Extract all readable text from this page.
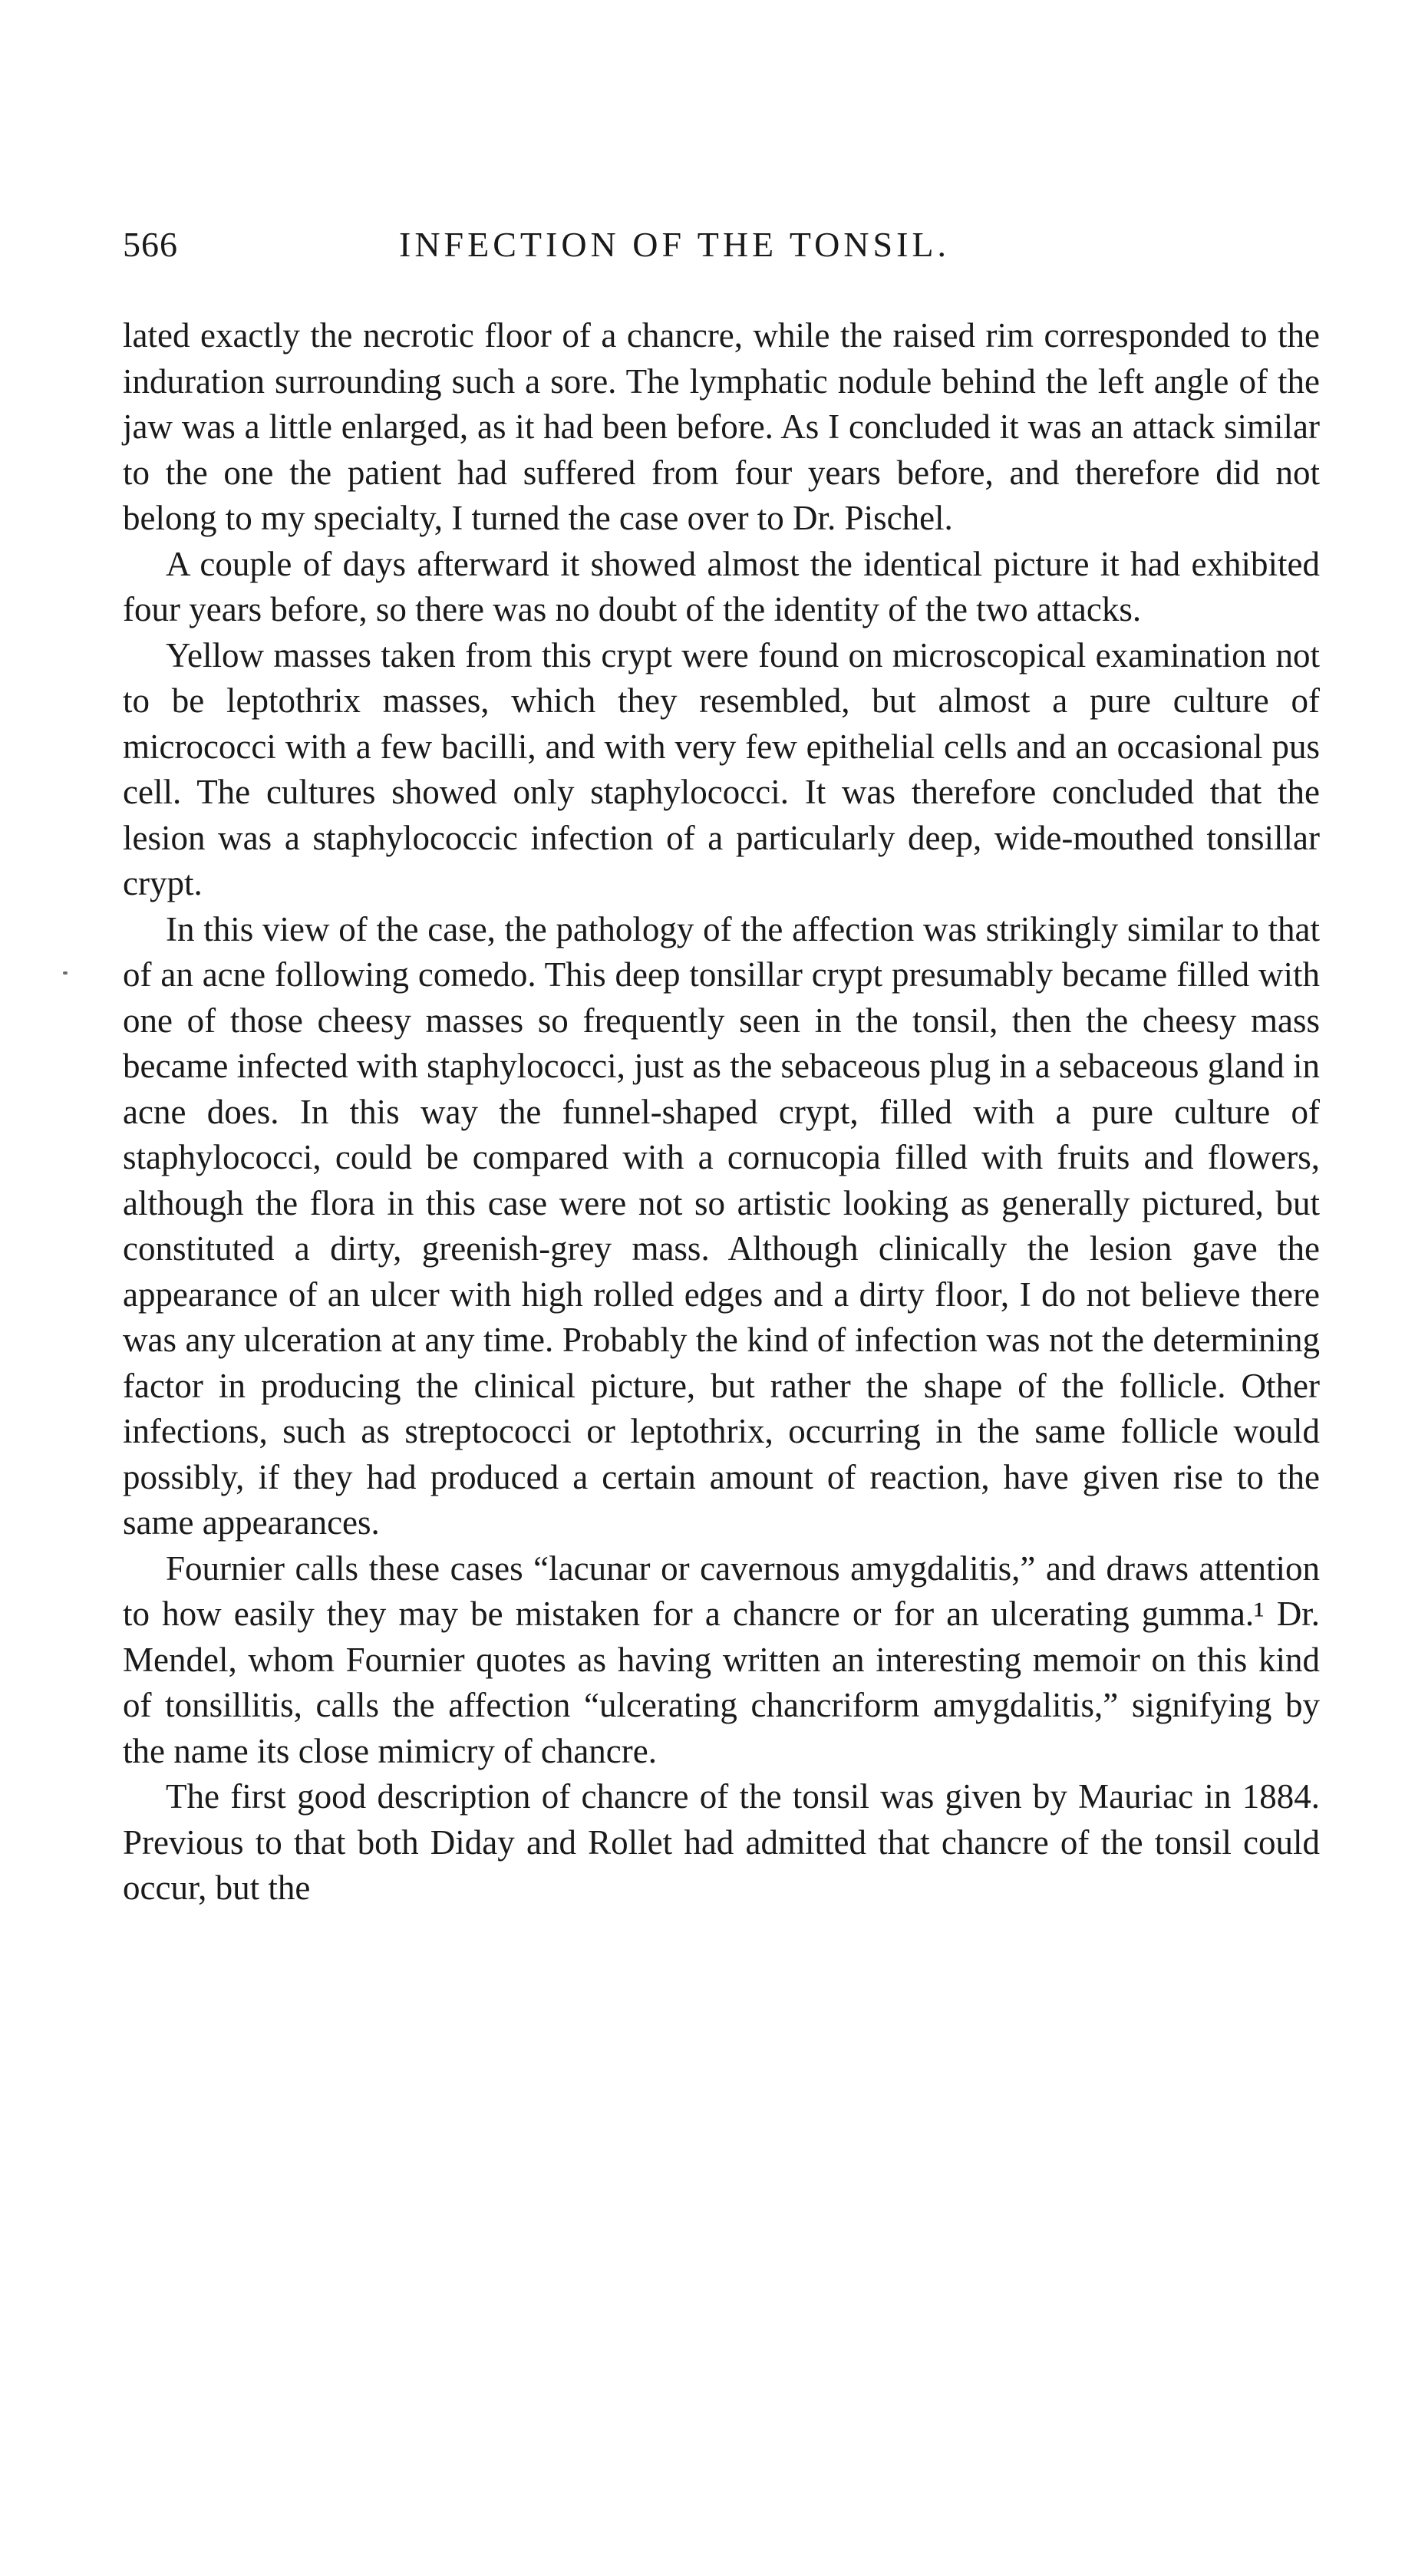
566	INFECTION OF THE TONSIL.

lated exactly the necrotic floor of a chancre, while the raised rim corresponded to the induration surrounding such a sore. The lymphatic nodule behind the left angle of the jaw was a little enlarged, as it had been before. As I concluded it was an attack similar to the one the patient had suffered from four years before, and therefore did not belong to my specialty, I turned the case over to Dr. Pischel.

A couple of days afterward it showed almost the identical picture it had exhibited four years before, so there was no doubt of the identity of the two attacks.

Yellow masses taken from this crypt were found on microscopical examination not to be leptothrix masses, which they resembled, but almost a pure culture of micrococci with a few bacilli, and with very few epithelial cells and an occasional pus cell. The cultures showed only staphylococci. It was therefore concluded that the lesion was a staphylococcic infection of a particularly deep, wide-mouthed tonsillar crypt.

In this view of the case, the pathology of the affection was strikingly similar to that of an acne following comedo. This deep tonsillar crypt presumably became filled with one of those cheesy masses so frequently seen in the tonsil, then the cheesy mass became infected with staphylococci, just as the sebaceous plug in a sebaceous gland in acne does. In this way the funnel-shaped crypt, filled with a pure culture of staphylococci, could be compared with a cornucopia filled with fruits and flowers, although the flora in this case were not so artistic looking as generally pictured, but constituted a dirty, greenish-grey mass. Although clinically the lesion gave the appearance of an ulcer with high rolled edges and a dirty floor, I do not believe there was any ulceration at any time. Probably the kind of infection was not the determining factor in producing the clinical picture, but rather the shape of the follicle. Other infections, such as streptococci or leptothrix, occurring in the same follicle would possibly, if they had produced a certain amount of reaction, have given rise to the same appearances.

Fournier calls these cases “lacunar or cavernous amygdalitis,” and draws attention to how easily they may be mistaken for a chancre or for an ulcerating gumma.¹ Dr. Mendel, whom Fournier quotes as having written an interesting memoir on this kind of tonsillitis, calls the affection “ulcerating chancriform amygdalitis,” signifying by the name its close mimicry of chancre.

The first good description of chancre of the tonsil was given by Mauriac in 1884. Previous to that both Diday and Rollet had admitted that chancre of the tonsil could occur, but the
